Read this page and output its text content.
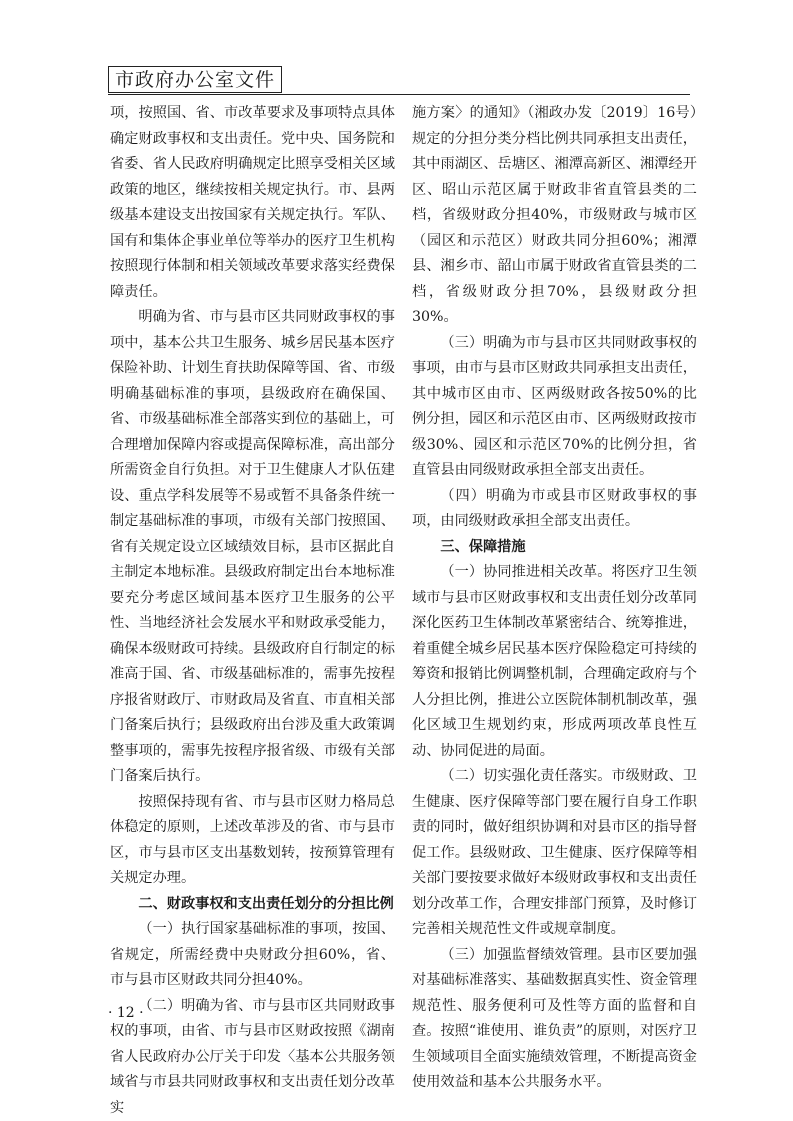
市政府办公室文件

项，按照国、省、市改革要求及事项特点具体确定财政事权和支出责任。党中央、国务院和省委、省人民政府明确规定比照享受相关区域政策的地区，继续按相关规定执行。市、县两级基本建设支出按国家有关规定执行。军队、国有和集体企事业单位等举办的医疗卫生机构按照现行体制和相关领域改革要求落实经费保障责任。

明确为省、市与县市区共同财政事权的事项中，基本公共卫生服务、城乡居民基本医疗保险补助、计划生育扶助保障等国、省、市级明确基础标准的事项，县级政府在确保国、省、市级基础标准全部落实到位的基础上，可合理增加保障内容或提高保障标准，高出部分所需资金自行负担。对于卫生健康人才队伍建设、重点学科发展等不易或暂不具备条件统一制定基础标准的事项，市级有关部门按照国、省有关规定设立区域绩效目标，县市区据此自主制定本地标准。县级政府制定出台本地标准要充分考虑区域间基本医疗卫生服务的公平性、当地经济社会发展水平和财政承受能力，确保本级财政可持续。县级政府自行制定的标准高于国、省、市级基础标准的，需事先按程序报省财政厅、市财政局及省直、市直相关部门备案后执行；县级政府出台涉及重大政策调整事项的，需事先按程序报省级、市级有关部门备案后执行。

按照保持现有省、市与县市区财力格局总体稳定的原则，上述改革涉及的省、市与县市区，市与县市区支出基数划转，按预算管理有关规定办理。

二、财政事权和支出责任划分的分担比例

（一）执行国家基础标准的事项，按国、省规定，所需经费中央财政分担60%，省、市与县市区财政共同分担40%。

（二）明确为省、市与县市区共同财政事权的事项，由省、市与县市区财政按照《湖南省人民政府办公厅关于印发〈基本公共服务领域省与市县共同财政事权和支出责任划分改革实

施方案〉的通知》（湘政办发〔2019〕16号）规定的分担分类分档比例共同承担支出责任，其中雨湖区、岳塘区、湘潭高新区、湘潭经开区、昭山示范区属于财政非省直管县类的二档，省级财政分担40%，市级财政与城市区（园区和示范区）财政共同分担60%；湘潭县、湘乡市、韶山市属于财政省直管县类的二档，省级财政分担70%，县级财政分担30%。

（三）明确为市与县市区共同财政事权的事项，由市与县市区财政共同承担支出责任，其中城市区由市、区两级财政各按50%的比例分担，园区和示范区由市、区两级财政按市级30%、园区和示范区70%的比例分担，省直管县由同级财政承担全部支出责任。

（四）明确为市或县市区财政事权的事项，由同级财政承担全部支出责任。

三、保障措施

（一）协同推进相关改革。将医疗卫生领域市与县市区财政事权和支出责任划分改革同深化医药卫生体制改革紧密结合、统筹推进，着重健全城乡居民基本医疗保险稳定可持续的筹资和报销比例调整机制，合理确定政府与个人分担比例，推进公立医院体制机制改革，强化区域卫生规划约束，形成两项改革良性互动、协同促进的局面。

（二）切实强化责任落实。市级财政、卫生健康、医疗保障等部门要在履行自身工作职责的同时，做好组织协调和对县市区的指导督促工作。县级财政、卫生健康、医疗保障等相关部门要按要求做好本级财政事权和支出责任划分改革工作，合理安排部门预算，及时修订完善相关规范性文件或规章制度。

（三）加强监督绩效管理。县市区要加强对基础标准落实、基础数据真实性、资金管理规范性、服务便利可及性等方面的监督和自查。按照“谁使用、谁负责”的原则，对医疗卫生领域项目全面实施绩效管理，不断提高资金使用效益和基本公共服务水平。

· 12 ·
